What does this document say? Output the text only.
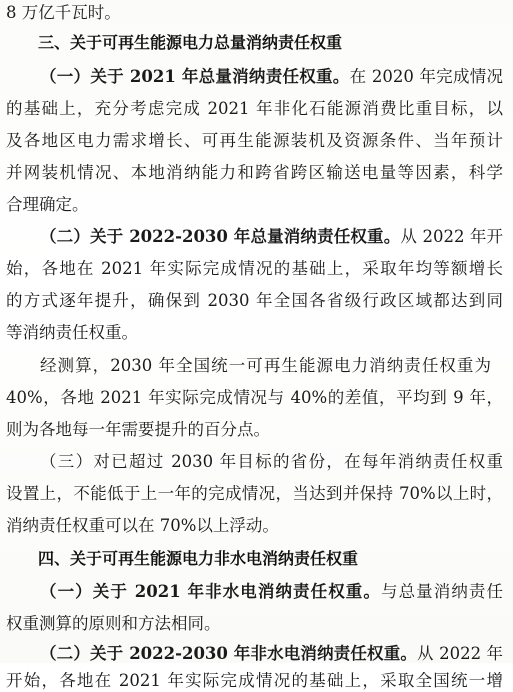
8 万亿千瓦时。
三、关于可再生能源电力总量消纳责任权重
（一）关于 2021 年总量消纳责任权重。在 2020 年完成情况
的基础上，充分考虑完成 2021 年非化石能源消费比重目标，以
及各地区电力需求增长、可再生能源装机及资源条件、当年预计
并网装机情况、本地消纳能力和跨省跨区输送电量等因素，科学
合理确定。
（二）关于 2022-2030 年总量消纳责任权重。从 2022 年开
始，各地在 2021 年实际完成情况的基础上，采取年均等额增长
的方式逐年提升，确保到 2030 年全国各省级行政区域都达到同
等消纳责任权重。
经测算，2030 年全国统一可再生能源电力消纳责任权重为
40%，各地 2021 年实际完成情况与 40%的差值，平均到 9 年，
则为各地每一年需要提升的百分点。
（三）对已超过 2030 年目标的省份，在每年消纳责任权重
设置上，不能低于上一年的完成情况，当达到并保持 70%以上时，
消纳责任权重可以在 70%以上浮动。
四、关于可再生能源电力非水电消纳责任权重
（一）关于 2021 年非水电消纳责任权重。与总量消纳责任
权重测算的原则和方法相同。
（二）关于 2022-2030 年非水电消纳责任权重。从 2022 年
开始，各地在 2021 年实际完成情况的基础上，采取全国统一增
